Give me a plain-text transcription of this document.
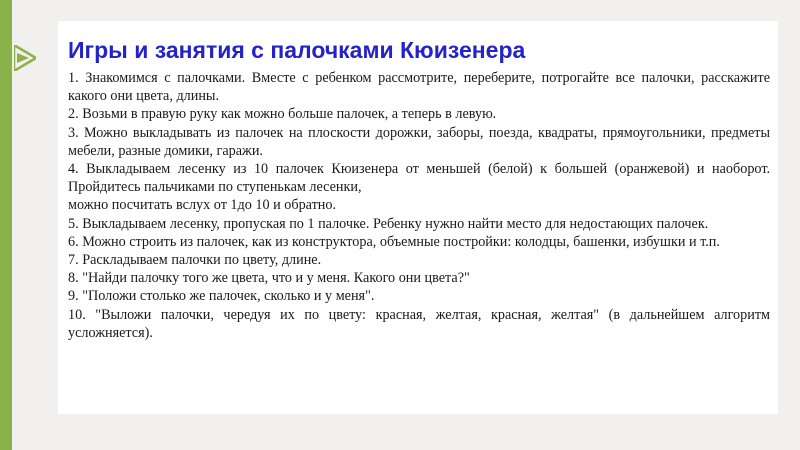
Игры и занятия с палочками Кюизенера

1. Знакомимся с палочками. Вместе с ребенком рассмотрите, переберите, потрогайте все палочки, расскажите какого они цвета, длины.

2. Возьми в правую руку как можно больше палочек, а теперь в левую.

3. Можно выкладывать из палочек на плоскости дорожки, заборы, поезда, квадраты, прямоугольники, предметы мебели, разные домики, гаражи.

4. Выкладываем лесенку из 10 палочек Кюизенера от меньшей (белой) к большей (оранжевой) и наоборот. Пройдитесь пальчиками по ступенькам лесенки,

можно посчитать вслух от 1до 10 и обратно.

5. Выкладываем лесенку, пропуская по 1 палочке. Ребенку нужно найти место для недостающих палочек.

6. Можно строить из палочек, как из конструктора, объемные постройки: колодцы, башенки, избушки и т.п.

7. Раскладываем палочки по цвету, длине.

8. "Найди палочку того же цвета, что и у меня. Какого они цвета?"

9. "Положи столько же палочек, сколько и у меня".

10. "Выложи палочки, чередуя их по цвету: красная, желтая, красная, желтая" (в дальнейшем алгоритм усложняется).
